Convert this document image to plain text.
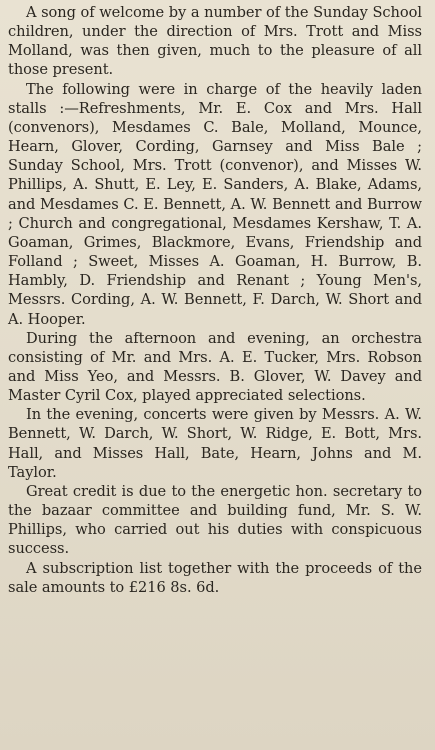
A song of welcome by a number of the Sunday School children, under the direction of Mrs. Trott and Miss Molland, was then given, much to the pleasure of all those present.

The following were in charge of the heavily laden stalls :—Refreshments, Mr. E. Cox and Mrs. Hall (convenors), Mesdames C. Bale, Molland, Mounce, Hearn, Glover, Cording, Garnsey and Miss Bale ; Sunday School, Mrs. Trott (convenor), and Misses W. Phillips, A. Shutt, E. Ley, E. Sanders, A. Blake, Adams, and Mesdames C. E. Bennett, A. W. Bennett and Burrow ; Church and congregational, Mesdames Kershaw, T. A. Goaman, Grimes, Blackmore, Evans, Friendship and Folland ; Sweet, Misses A. Goaman, H. Burrow, B. Hambly, D. Friendship and Renant ; Young Men's, Messrs. Cording, A. W. Bennett, F. Darch, W. Short and A. Hooper.

During the afternoon and evening, an orchestra consisting of Mr. and Mrs. A. E. Tucker, Mrs. Robson and Miss Yeo, and Messrs. B. Glover, W. Davey and Master Cyril Cox, played appreciated selections.

In the evening, concerts were given by Messrs. A. W. Bennett, W. Darch, W. Short, W. Ridge, E. Bott, Mrs. Hall, and Misses Hall, Bate, Hearn, Johns and M. Taylor.

Great credit is due to the energetic hon. secretary to the bazaar committee and building fund, Mr. S. W. Phillips, who carried out his duties with conspicuous success.

A subscription list together with the proceeds of the sale amounts to £216 8s. 6d.
